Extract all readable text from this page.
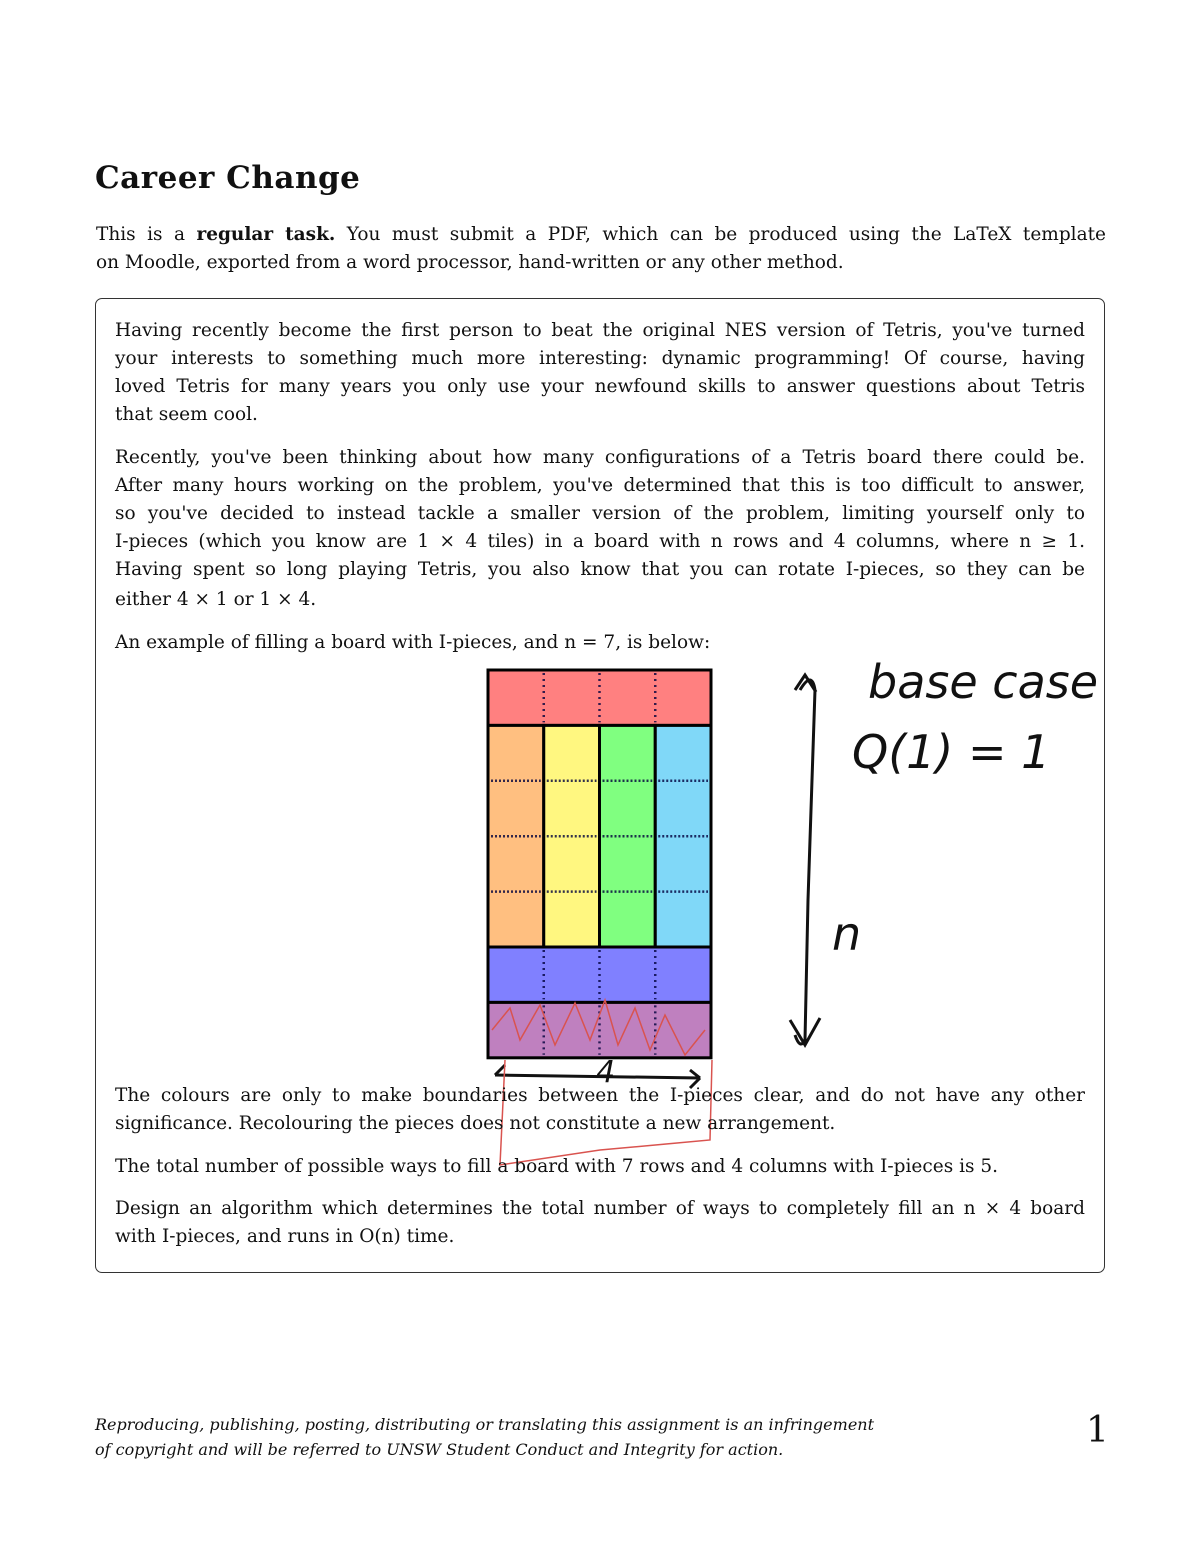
Career Change
This is a regular task. You must submit a PDF, which can be produced using the LaTeX template
on Moodle, exported from a word processor, hand-written or any other method.
Having recently become the first person to beat the original NES version of Tetris, you've turned
your interests to something much more interesting: dynamic programming! Of course, having
loved Tetris for many years you only use your newfound skills to answer questions about Tetris
that seem cool.
Recently, you've been thinking about how many configurations of a Tetris board there could be.
After many hours working on the problem, you've determined that this is too difficult to answer,
so you've decided to instead tackle a smaller version of the problem, limiting yourself only to
I-pieces (which you know are 1 × 4 tiles) in a board with n rows and 4 columns, where n ≥ 1.
Having spent so long playing Tetris, you also know that you can rotate I-pieces, so they can be
either 4 × 1 or 1 × 4.
An example of filling a board with I-pieces, and n = 7, is below:
base case
Q(1) = 1
n
4
The colours are only to make boundaries between the I-pieces clear, and do not have any other
significance. Recolouring the pieces does not constitute a new arrangement.
The total number of possible ways to fill a board with 7 rows and 4 columns with I-pieces is 5.
Design an algorithm which determines the total number of ways to completely fill an n × 4 board
with I-pieces, and runs in O(n) time.
Reproducing, publishing, posting, distributing or translating this assignment is an infringement
of copyright and will be referred to UNSW Student Conduct and Integrity for action.	1
